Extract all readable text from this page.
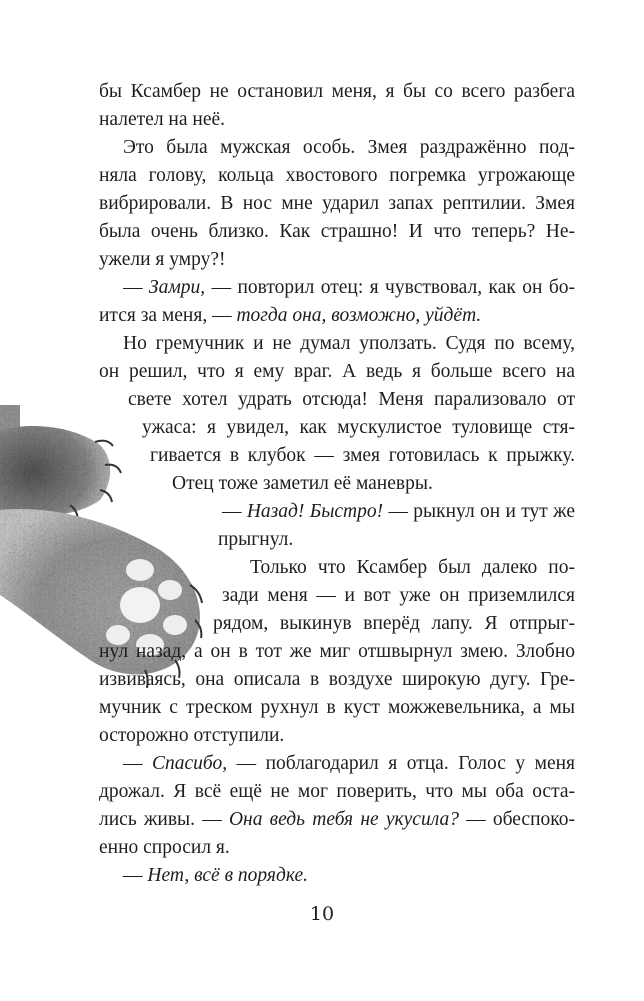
бы Ксамбер не остановил меня, я бы со всего разбега
налетел на неё.
Это была мужская особь. Змея раздражённо под-
няла голову, кольца хвостового погремка угрожающе
вибрировали. В нос мне ударил запах рептилии. Змея
была очень близко. Как страшно! И что теперь? Не-
ужели я умру?!
— Замри, — повторил отец: я чувствовал, как он бо-
ится за меня, — тогда она, возможно, уйдёт.
Но гремучник и не думал уползать. Судя по всему,
он решил, что я ему враг. А ведь я больше всего на
свете хотел удрать отсюда! Меня парализовало от
ужаса: я увидел, как мускулистое туловище стя-
гивается в клубок — змея готовилась к прыжку.
Отец тоже заметил её маневры.
— Назад! Быстро! — рыкнул он и тут же
прыгнул.
Только что Ксамбер был далеко по-
зади меня — и вот уже он приземлился
рядом, выкинув вперёд лапу. Я отпрыг-
нул назад, а он в тот же миг отшвырнул змею. Злобно
извиваясь, она описала в воздухе широкую дугу. Гре-
мучник с треском рухнул в куст можжевельника, а мы
осторожно отступили.
— Спасибо, — поблагодарил я отца. Голос у меня
дрожал. Я всё ещё не мог поверить, что мы оба оста-
лись живы. — Она ведь тебя не укусила? — обеспоко-
енно спросил я.
— Нет, всё в порядке.
10
